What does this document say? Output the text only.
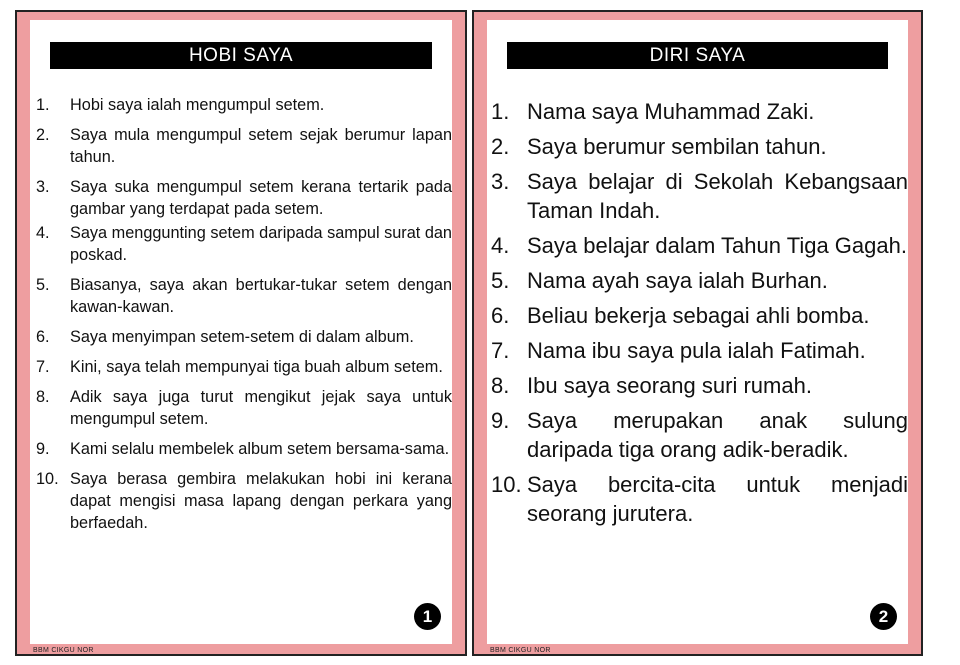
HOBI SAYA
1.	Hobi saya ialah mengumpul setem.
2.	Saya mula mengumpul setem sejak berumur lapan tahun.
3.	Saya suka mengumpul setem kerana tertarik pada gambar yang terdapat pada setem.
4.	Saya menggunting setem daripada sampul surat dan poskad.
5.	Biasanya, saya akan bertukar-tukar setem dengan kawan-kawan.
6.	Saya menyimpan setem-setem di dalam album.
7.	Kini, saya telah mempunyai tiga buah album setem.
8.	Adik saya juga turut mengikut jejak saya untuk mengumpul setem.
9.	Kami selalu membelek album setem bersama-sama.
10. Saya berasa gembira melakukan hobi ini kerana dapat mengisi masa lapang dengan perkara yang berfaedah.
1
BBM CIKGU NOR
DIRI SAYA
1. Nama saya Muhammad Zaki.
2. Saya berumur sembilan tahun.
3. Saya belajar di Sekolah Kebangsaan Taman Indah.
4. Saya belajar dalam Tahun Tiga Gagah.
5. Nama ayah saya ialah Burhan.
6. Beliau bekerja sebagai ahli bomba.
7. Nama ibu saya pula ialah Fatimah.
8. Ibu saya seorang suri rumah.
9. Saya merupakan anak sulung daripada tiga orang adik-beradik.
10. Saya bercita-cita untuk menjadi seorang jurutera.
2
BBM CIKGU NOR
